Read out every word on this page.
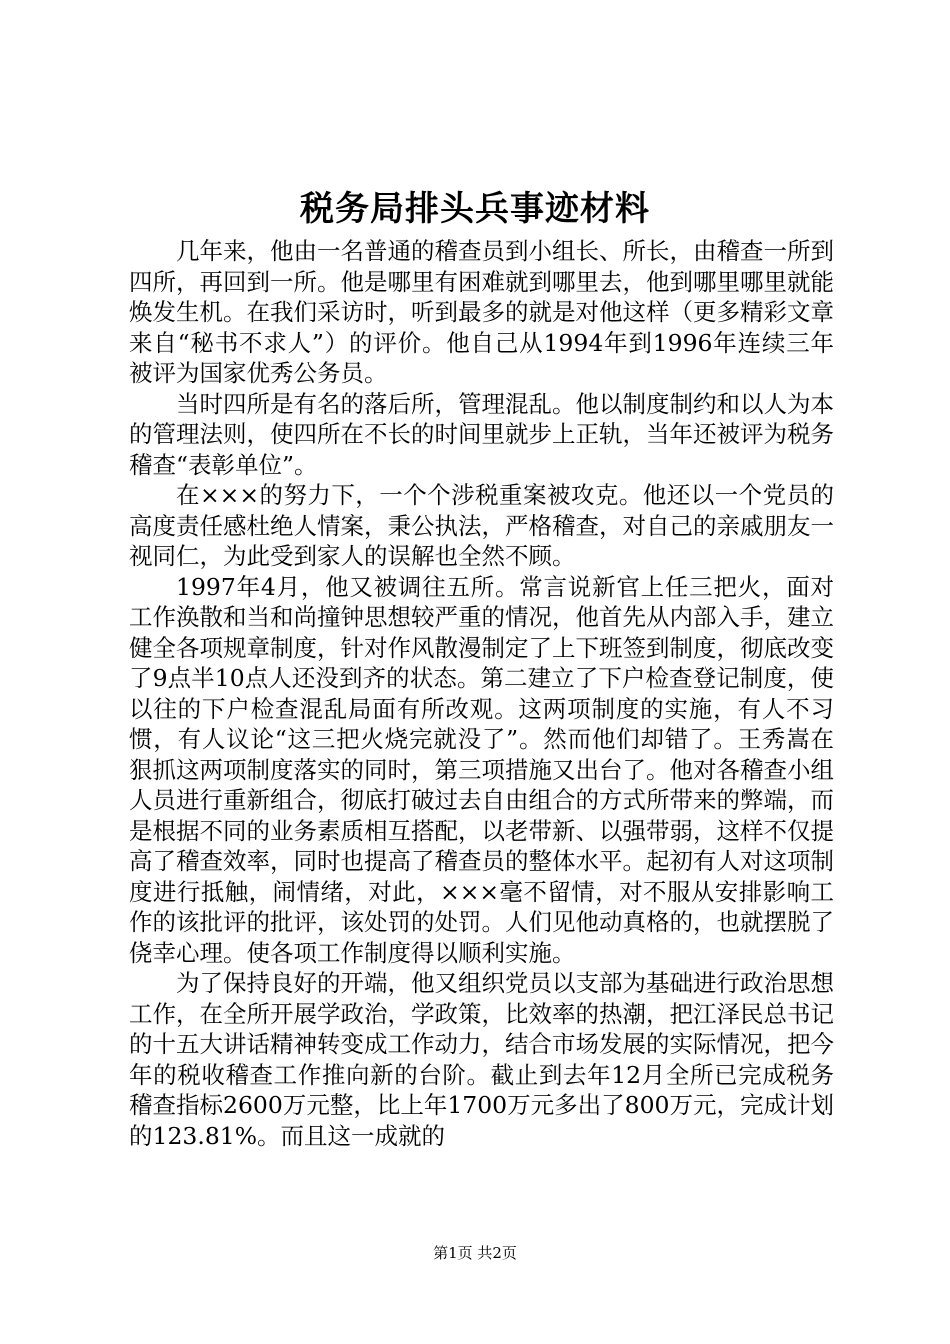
税务局排头兵事迹材料

几年来，他由一名普通的稽查员到小组长、所长，由稽查一所到四所，再回到一所。他是哪里有困难就到哪里去，他到哪里哪里就能焕发生机。在我们采访时，听到最多的就是对他这样（更多精彩文章来自“秘书不求人”）的评价。他自己从1994年到1996年连续三年被评为国家优秀公务员。

当时四所是有名的落后所，管理混乱。他以制度制约和以人为本的管理法则，使四所在不长的时间里就步上正轨，当年还被评为税务稽查“表彰单位”。

在×××的努力下，一个个涉税重案被攻克。他还以一个党员的高度责任感杜绝人情案，秉公执法，严格稽查，对自己的亲戚朋友一视同仁，为此受到家人的误解也全然不顾。

1997年4月，他又被调往五所。常言说新官上任三把火，面对工作涣散和当和尚撞钟思想较严重的情况，他首先从内部入手，建立健全各项规章制度，针对作风散漫制定了上下班签到制度，彻底改变了9点半10点人还没到齐的状态。第二建立了下户检查登记制度，使以往的下户检查混乱局面有所改观。这两项制度的实施，有人不习惯，有人议论“这三把火烧完就没了”。然而他们却错了。王秀嵩在狠抓这两项制度落实的同时，第三项措施又出台了。他对各稽查小组人员进行重新组合，彻底打破过去自由组合的方式所带来的弊端，而是根据不同的业务素质相互搭配，以老带新、以强带弱，这样不仅提高了稽查效率，同时也提高了稽查员的整体水平。起初有人对这项制度进行抵触，闹情绪，对此，×××毫不留情，对不服从安排影响工作的该批评的批评，该处罚的处罚。人们见他动真格的，也就摆脱了侥幸心理。使各项工作制度得以顺利实施。

为了保持良好的开端，他又组织党员以支部为基础进行政治思想工作，在全所开展学政治，学政策，比效率的热潮，把江泽民总书记的十五大讲话精神转变成工作动力，结合市场发展的实际情况，把今年的税收稽查工作推向新的台阶。截止到去年12月全所已完成税务稽查指标2600万元整，比上年1700万元多出了800万元，完成计划的123.81%。而且这一成就的

第1页 共2页
